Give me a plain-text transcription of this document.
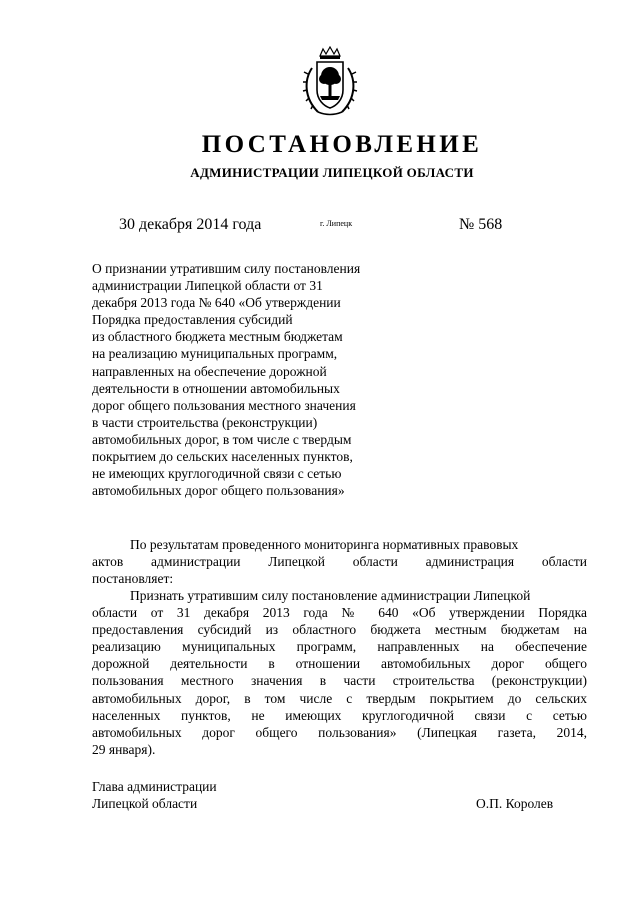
ПОСТАНОВЛЕНИЕ
АДМИНИСТРАЦИИ ЛИПЕЦКОЙ ОБЛАСТИ
30 декабря 2014 года	г. Липецк	№ 568
О признании утратившим силу постановления
администрации Липецкой области от 31
декабря 2013 года № 640 «Об утверждении
Порядка предоставления субсидий
из областного бюджета местным бюджетам
на реализацию муниципальных программ,
направленных на обеспечение дорожной
деятельности в отношении автомобильных
дорог общего пользования местного значения
в части строительства (реконструкции)
автомобильных дорог, в том числе с твердым
покрытием до сельских населенных пунктов,
не имеющих круглогодичной связи с сетью
автомобильных дорог общего пользования»
По результатам проведенного мониторинга нормативных правовых
актов администрации Липецкой области администрация области
постановляет:
Признать утратившим силу постановление администрации Липецкой
области от 31 декабря 2013 года № 640 «Об утверждении Порядка
предоставления субсидий из областного бюджета местным бюджетам на
реализацию муниципальных программ, направленных на обеспечение
дорожной деятельности в отношении автомобильных дорог общего
пользования местного значения в части строительства (реконструкции)
автомобильных дорог, в том числе с твердым покрытием до сельских
населенных пунктов, не имеющих круглогодичной связи с сетью
автомобильных дорог общего пользования» (Липецкая газета, 2014,
29 января).
Глава администрации
Липецкой области	О.П. Королев
